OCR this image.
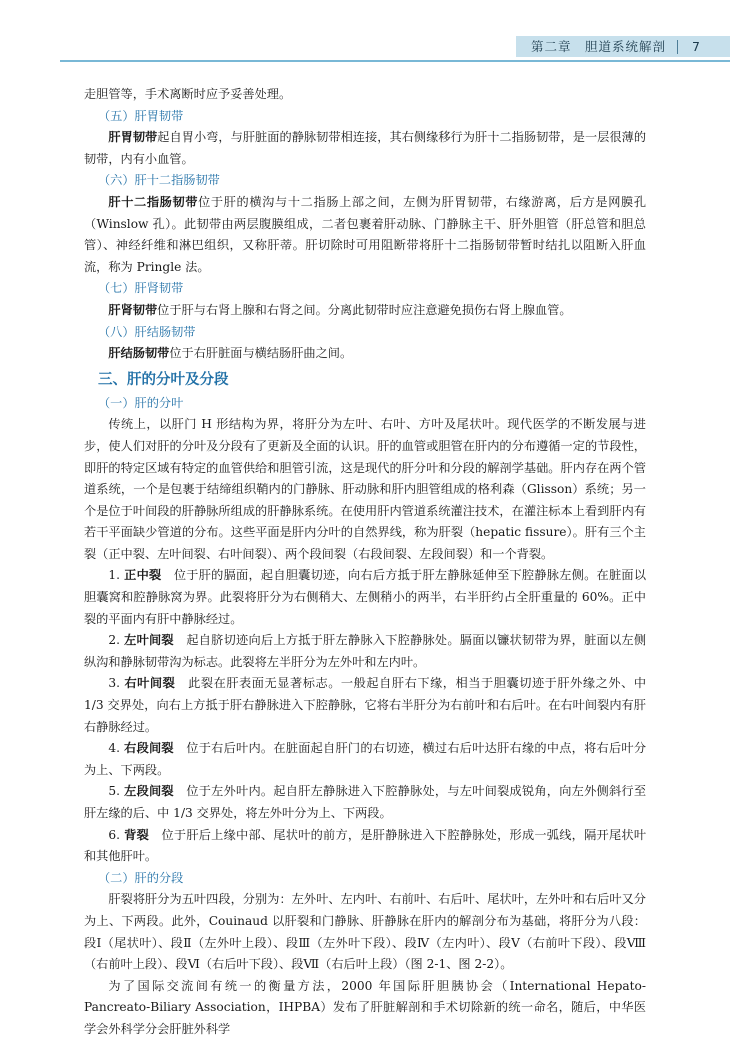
第二章　胆道系统解剖 7

走胆管等，手术离断时应予妥善处理。

（五）肝胃韧带

肝胃韧带起自胃小弯，与肝脏面的静脉韧带相连接，其右侧缘移行为肝十二指肠韧带，是一层很薄的韧带，内有小血管。

（六）肝十二指肠韧带

肝十二指肠韧带位于肝的横沟与十二指肠上部之间，左侧为肝胃韧带，右缘游离，后方是网膜孔（Winslow 孔）。此韧带由两层腹膜组成，二者包裹着肝动脉、门静脉主干、肝外胆管（肝总管和胆总管）、神经纤维和淋巴组织，又称肝蒂。肝切除时可用阻断带将肝十二指肠韧带暂时结扎以阻断入肝血流，称为 Pringle 法。

（七）肝肾韧带

肝肾韧带位于肝与右肾上腺和右肾之间。分离此韧带时应注意避免损伤右肾上腺血管。

（八）肝结肠韧带

肝结肠韧带位于右肝脏面与横结肠肝曲之间。

三、肝的分叶及分段
（一）肝的分叶

传统上，以肝门 H 形结构为界，将肝分为左叶、右叶、方叶及尾状叶。现代医学的不断发展与进步，使人们对肝的分叶及分段有了更新及全面的认识。肝的血管或胆管在肝内的分布遵循一定的节段性，即肝的特定区域有特定的血管供给和胆管引流，这是现代的肝分叶和分段的解剖学基础。肝内存在两个管道系统，一个是包裹于结缔组织鞘内的门静脉、肝动脉和肝内胆管组成的格利森（Glisson）系统；另一个是位于叶间段的肝静脉所组成的肝静脉系统。在使用肝内管道系统灌注技术，在灌注标本上看到肝内有若干平面缺少管道的分布。这些平面是肝内分叶的自然界线，称为肝裂（hepatic fissure）。肝有三个主裂（正中裂、左叶间裂、右叶间裂）、两个段间裂（右段间裂、左段间裂）和一个背裂。

1. 正中裂　 位于肝的膈面，起自胆囊切迹，向右后方抵于肝左静脉延伸至下腔静脉左侧。在脏面以胆囊窝和腔静脉窝为界。此裂将肝分为右侧稍大、左侧稍小的两半，右半肝约占全肝重量的 60%。正中裂的平面内有肝中静脉经过。

2. 左叶间裂　 起自脐切迹向后上方抵于肝左静脉入下腔静脉处。膈面以镰状韧带为界，脏面以左侧纵沟和静脉韧带沟为标志。此裂将左半肝分为左外叶和左内叶。

3. 右叶间裂　 此裂在肝表面无显著标志。一般起自肝右下缘，相当于胆囊切迹于肝外缘之外、中 1/3 交界处，向右上方抵于肝右静脉进入下腔静脉，它将右半肝分为右前叶和右后叶。在右叶间裂内有肝右静脉经过。

4. 右段间裂　 位于右后叶内。在脏面起自肝门的右切迹，横过右后叶达肝右缘的中点，将右后叶分为上、下两段。

5. 左段间裂　 位于左外叶内。起自肝左静脉进入下腔静脉处，与左叶间裂成锐角，向左外侧斜行至肝左缘的后、中 1/3 交界处，将左外叶分为上、下两段。

6. 背裂　 位于肝后上缘中部、尾状叶的前方，是肝静脉进入下腔静脉处，形成一弧线，隔开尾状叶和其他肝叶。

（二）肝的分段

肝裂将肝分为五叶四段，分别为：左外叶、左内叶、右前叶、右后叶、尾状叶，左外叶和右后叶又分为上、下两段。此外，Couinaud 以肝裂和门静脉、肝静脉在肝内的解剖分布为基础，将肝分为八段：段Ⅰ（尾状叶）、段Ⅱ（左外叶上段）、段Ⅲ（左外叶下段）、段Ⅳ（左内叶）、段Ⅴ（右前叶下段）、段Ⅷ（右前叶上段）、段Ⅵ（右后叶下段）、段Ⅶ（右后叶上段）（图 2-1、图 2-2）。

为了国际交流间有统一的衡量方法，2000 年国际肝胆胰协会（International Hepato-Pancreato-Biliary Association，IHPBA）发布了肝脏解剖和手术切除新的统一命名，随后，中华医学会外科学分会肝脏外科学
